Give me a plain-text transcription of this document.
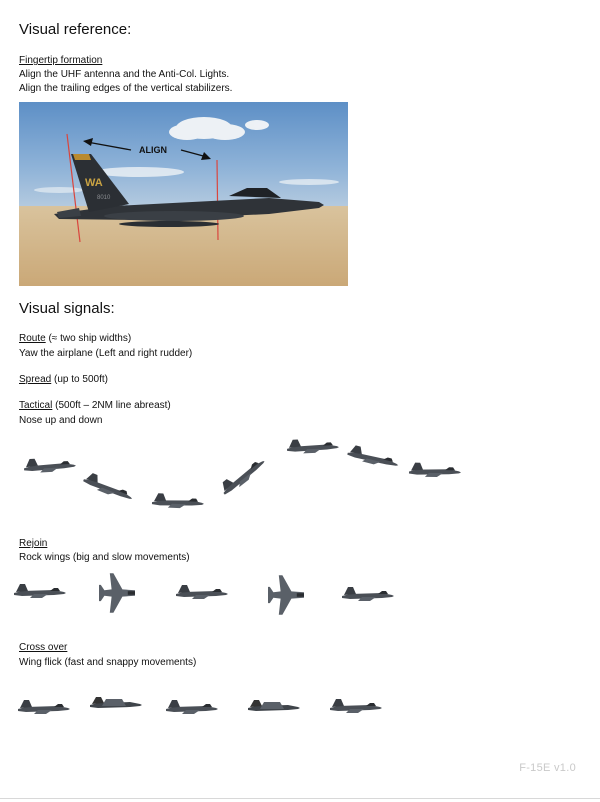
Visual reference:
Fingertip formation
Align the UHF antenna and the Anti-Col. Lights.
Align the trailing edges of the vertical stabilizers.
ALIGN
WA
8010
Visual signals:
Route (≈ two ship widths)
Yaw the airplane (Left and right rudder)
Spread (up to 500ft)
Tactical (500ft – 2NM line abreast)
Nose up and down
Rejoin
Rock wings (big and slow movements)
Cross over
Wing flick (fast and snappy movements)
F-15E v1.0
